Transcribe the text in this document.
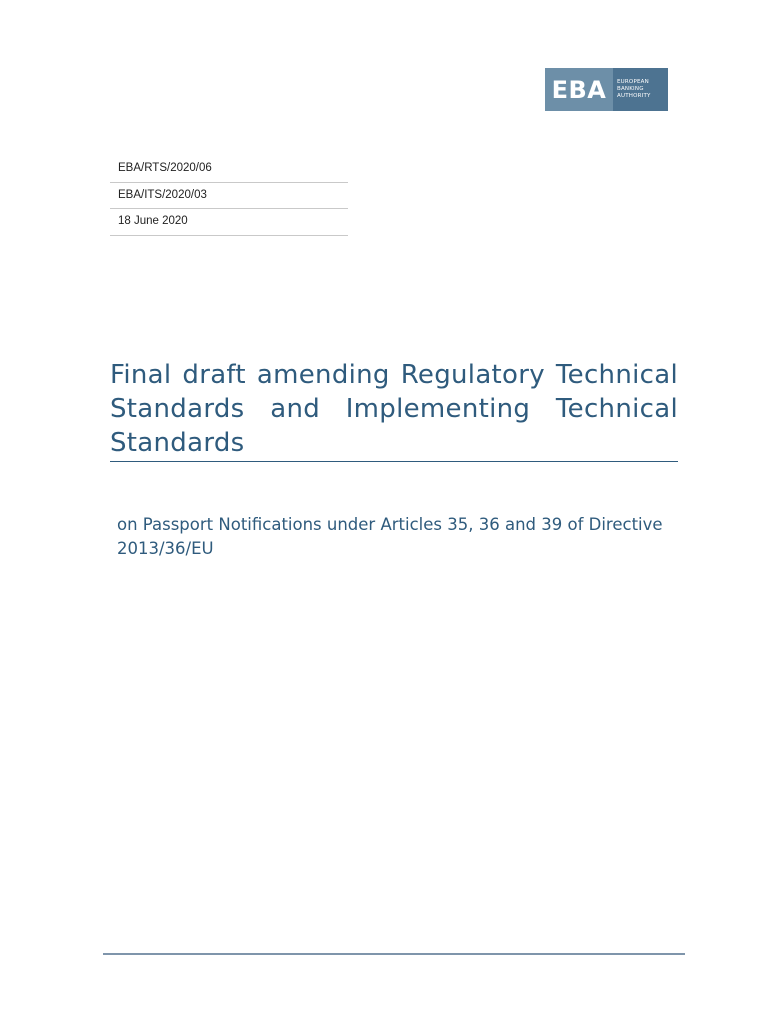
EBA	EUROPEAN
BANKING
AUTHORITY
EBA/RTS/2020/06
EBA/ITS/2020/03
18 June 2020
Final draft amending Regulatory Technical Standards and Implementing Technical Standards
on Passport Notifications under Articles 35, 36 and 39 of Directive 2013/36/EU
